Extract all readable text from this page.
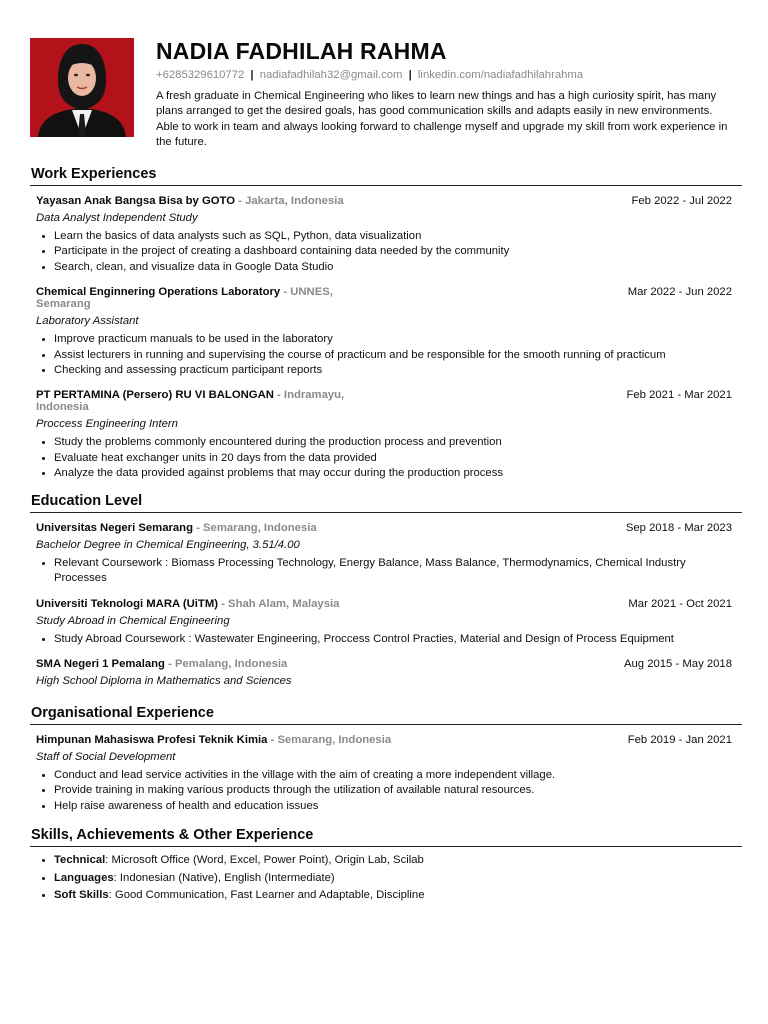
NADIA FADHILAH RAHMA
+6285329610772 | nadiafadhilah32@gmail.com | linkedin.com/nadiafadhilahrahma
A fresh graduate in Chemical Engineering who likes to learn new things and has a high curiosity spirit, has many plans arranged to get the desired goals, has good communication skills and adapts easily in new environments. Able to work in team and always looking forward to challenge myself and upgrade my skill from work experience in the future.
Work Experiences
Yayasan Anak Bangsa Bisa by GOTO - Jakarta, Indonesia	Feb 2022 - Jul 2022
Data Analyst Independent Study
• Learn the basics of data analysts such as SQL, Python, data visualization
• Participate in the project of creating a dashboard containing data needed by the community
• Search, clean, and visualize data in Google Data Studio
Chemical Enginnering Operations Laboratory - UNNES,	Mar 2022 - Jun 2022
Semarang
Laboratory Assistant
• Improve practicum manuals to be used in the laboratory
• Assist lecturers in running and supervising the course of practicum and be responsible for the smooth running of practicum
• Checking and assessing practicum participant reports
PT PERTAMINA (Persero) RU VI BALONGAN - Indramayu,	Feb 2021 - Mar 2021
Indonesia
Proccess Engineering Intern
• Study the problems commonly encountered during the production process and prevention
• Evaluate heat exchanger units in 20 days from the data provided
• Analyze the data provided against problems that may occur during the production process
Education Level
Universitas Negeri Semarang - Semarang, Indonesia	Sep 2018 - Mar 2023
Bachelor Degree in Chemical Engineering, 3.51/4.00
• Relevant Coursework : Biomass Processing Technology, Energy Balance, Mass Balance, Thermodynamics, Chemical Industry Processes
Universiti Teknologi MARA (UiTM) - Shah Alam, Malaysia	Mar 2021 - Oct 2021
Study Abroad in Chemical Engineering
• Study Abroad Coursework : Wastewater Engineering, Proccess Control Practies, Material and Design of Process Equipment
SMA Negeri 1 Pemalang - Pemalang, Indonesia	Aug 2015 - May 2018
High School Diploma in Mathematics and Sciences
Organisational Experience
Himpunan Mahasiswa Profesi Teknik Kimia - Semarang, Indonesia	Feb 2019 - Jan 2021
Staff of Social Development
• Conduct and lead service activities in the village with the aim of creating a more independent village.
• Provide training in making various products through the utilization of available natural resources.
• Help raise awareness of health and education issues
Skills, Achievements & Other Experience
• Technical: Microsoft Office (Word, Excel, Power Point), Origin Lab, Scilab
• Languages: Indonesian (Native), English (Intermediate)
• Soft Skills: Good Communication, Fast Learner and Adaptable, Discipline
